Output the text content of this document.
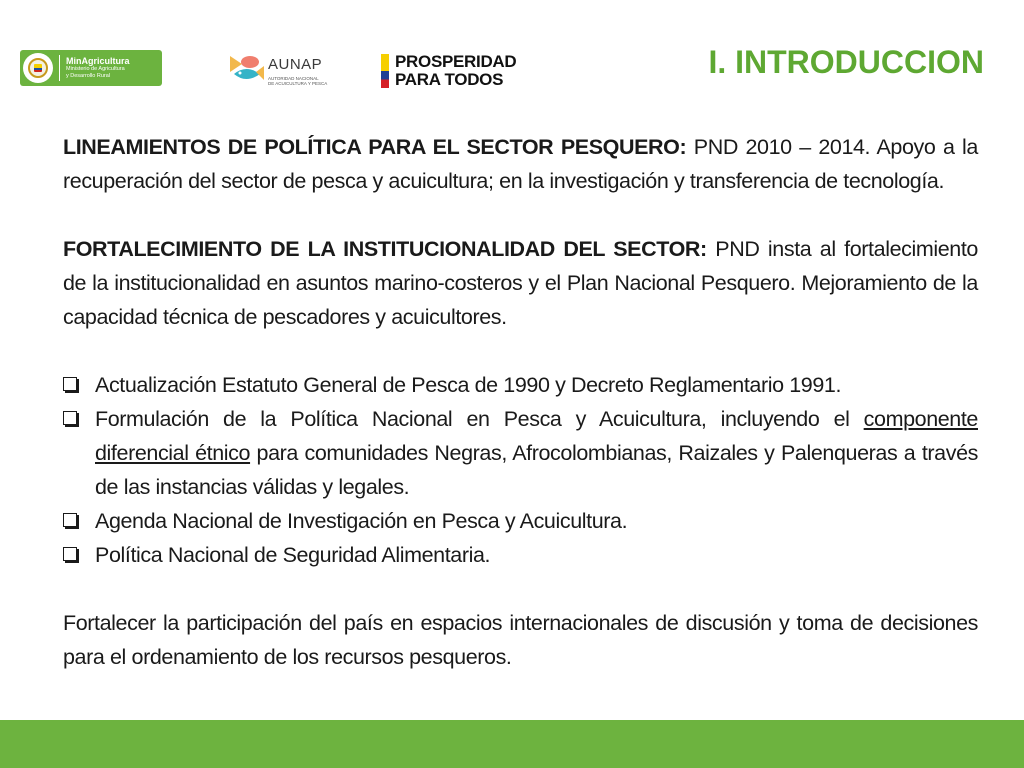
MinAgricultura
Ministerio de Agricultura
y Desarrollo Rural
AUNAP
AUTORIDAD NACIONAL
DE ACUICULTURA Y PESCA
PROSPERIDAD
PARA TODOS	I. INTRODUCCION

LINEAMIENTOS DE POLÍTICA PARA EL SECTOR PESQUERO: PND 2010 – 2014. Apoyo a la recuperación del sector de pesca y acuicultura; en la investigación y transferencia de tecnología.

FORTALECIMIENTO DE LA INSTITUCIONALIDAD DEL SECTOR: PND insta al fortalecimiento de la institucionalidad en asuntos marino-costeros y el Plan Nacional Pesquero. Mejoramiento de la capacidad técnica de pescadores y acuicultores.

Actualización Estatuto General de Pesca de 1990 y Decreto Reglamentario 1991.
Formulación de la Política Nacional en Pesca y Acuicultura, incluyendo el componente diferencial étnico para comunidades Negras, Afrocolombianas, Raizales y Palenqueras a través de las instancias válidas y legales.
Agenda Nacional de Investigación en Pesca y Acuicultura.
Política Nacional de Seguridad Alimentaria.

Fortalecer la participación del país en espacios internacionales de discusión y toma de decisiones para el ordenamiento de los recursos pesqueros.
